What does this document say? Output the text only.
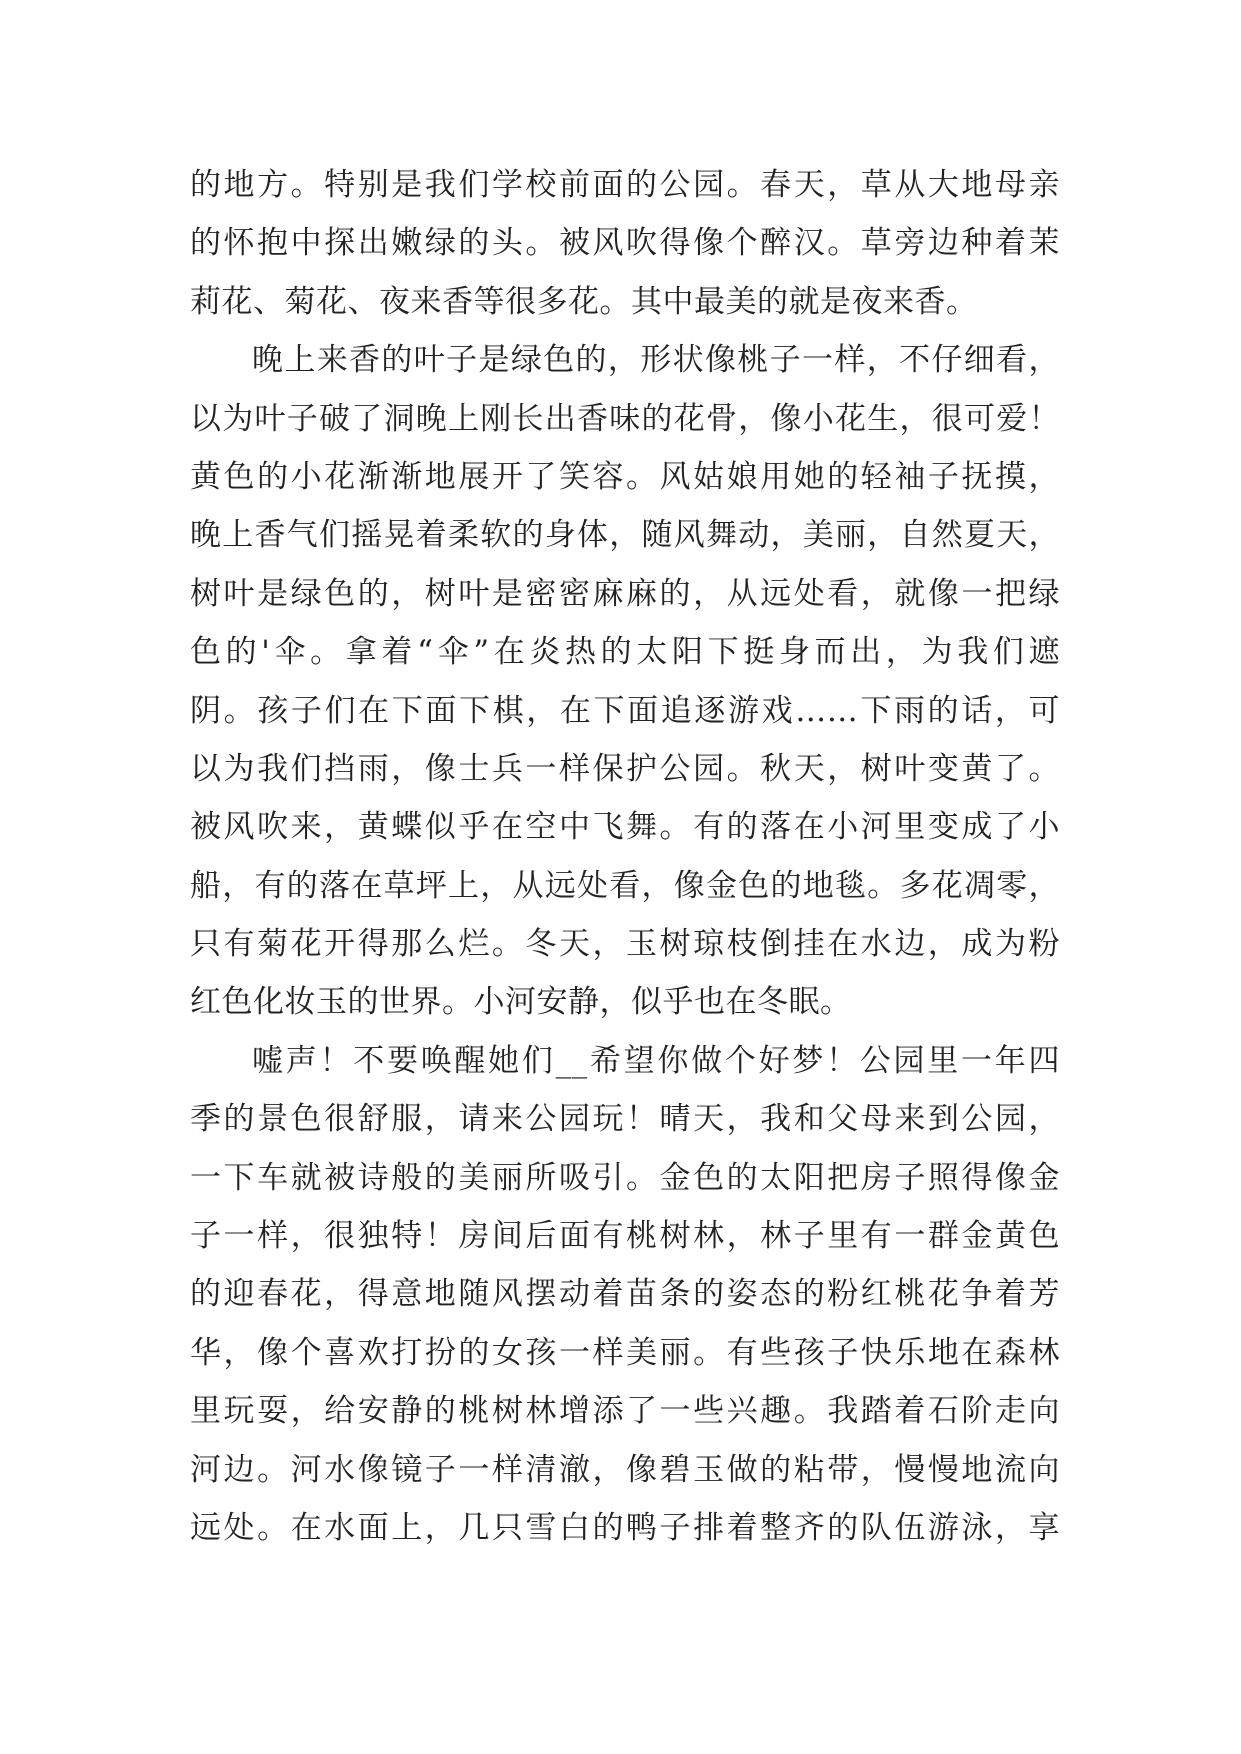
的地方。特别是我们学校前面的公园。春天，草从大地母亲
的怀抱中探出嫩绿的头。被风吹得像个醉汉。草旁边种着茉
莉花、菊花、夜来香等很多花。其中最美的就是夜来香。
晚上来香的叶子是绿色的，形状像桃子一样，不仔细看，
以为叶子破了洞晚上刚长出香味的花骨，像小花生，很可爱！
黄色的小花渐渐地展开了笑容。风姑娘用她的轻袖子抚摸，
晚上香气们摇晃着柔软的身体，随风舞动，美丽，自然夏天，
树叶是绿色的，树叶是密密麻麻的，从远处看，就像一把绿
色的'伞。拿着“伞”在炎热的太阳下挺身而出，为我们遮
阴。孩子们在下面下棋，在下面追逐游戏……下雨的话，可
以为我们挡雨，像士兵一样保护公园。秋天，树叶变黄了。
被风吹来，黄蝶似乎在空中飞舞。有的落在小河里变成了小
船，有的落在草坪上，从远处看，像金色的地毯。多花凋零，
只有菊花开得那么烂。冬天，玉树琼枝倒挂在水边，成为粉
红色化妆玉的世界。小河安静，似乎也在冬眠。
嘘声！不要唤醒她们__希望你做个好梦！公园里一年四
季的景色很舒服，请来公园玩！晴天，我和父母来到公园，
一下车就被诗般的美丽所吸引。金色的太阳把房子照得像金
子一样，很独特！房间后面有桃树林，林子里有一群金黄色
的迎春花，得意地随风摆动着苗条的姿态的粉红桃花争着芳
华，像个喜欢打扮的女孩一样美丽。有些孩子快乐地在森林
里玩耍，给安静的桃树林增添了一些兴趣。我踏着石阶走向
河边。河水像镜子一样清澈，像碧玉做的粘带，慢慢地流向
远处。在水面上，几只雪白的鸭子排着整齐的队伍游泳，享
